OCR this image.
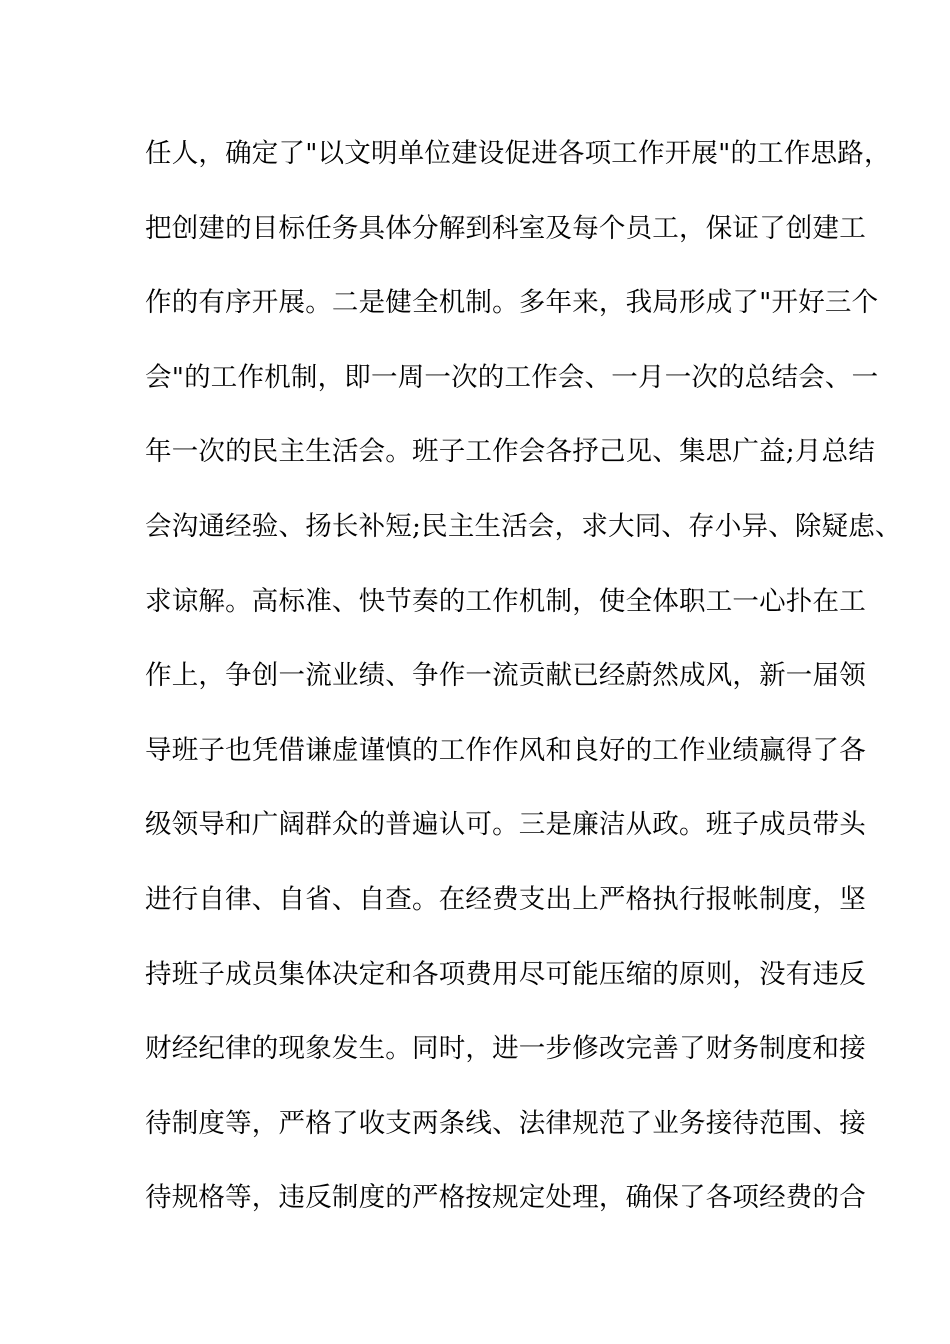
任人，确定了"以文明单位建设促进各项工作开展"的工作思路，
把创建的目标任务具体分解到科室及每个员工，保证了创建工
作的有序开展。二是健全机制。多年来，我局形成了"开好三个
会"的工作机制，即一周一次的工作会、一月一次的总结会、一
年一次的民主生活会。班子工作会各抒己见、集思广益;月总结
会沟通经验、扬长补短;民主生活会，求大同、存小异、除疑虑、
求谅解。高标准、快节奏的工作机制，使全体职工一心扑在工
作上，争创一流业绩、争作一流贡献已经蔚然成风，新一届领
导班子也凭借谦虚谨慎的工作作风和良好的工作业绩赢得了各
级领导和广阔群众的普遍认可。三是廉洁从政。班子成员带头
进行自律、自省、自查。在经费支出上严格执行报帐制度，坚
持班子成员集体决定和各项费用尽可能压缩的原则，没有违反
财经纪律的现象发生。同时，进一步修改完善了财务制度和接
待制度等，严格了收支两条线、法律规范了业务接待范围、接
待规格等，违反制度的严格按规定处理，确保了各项经费的合
